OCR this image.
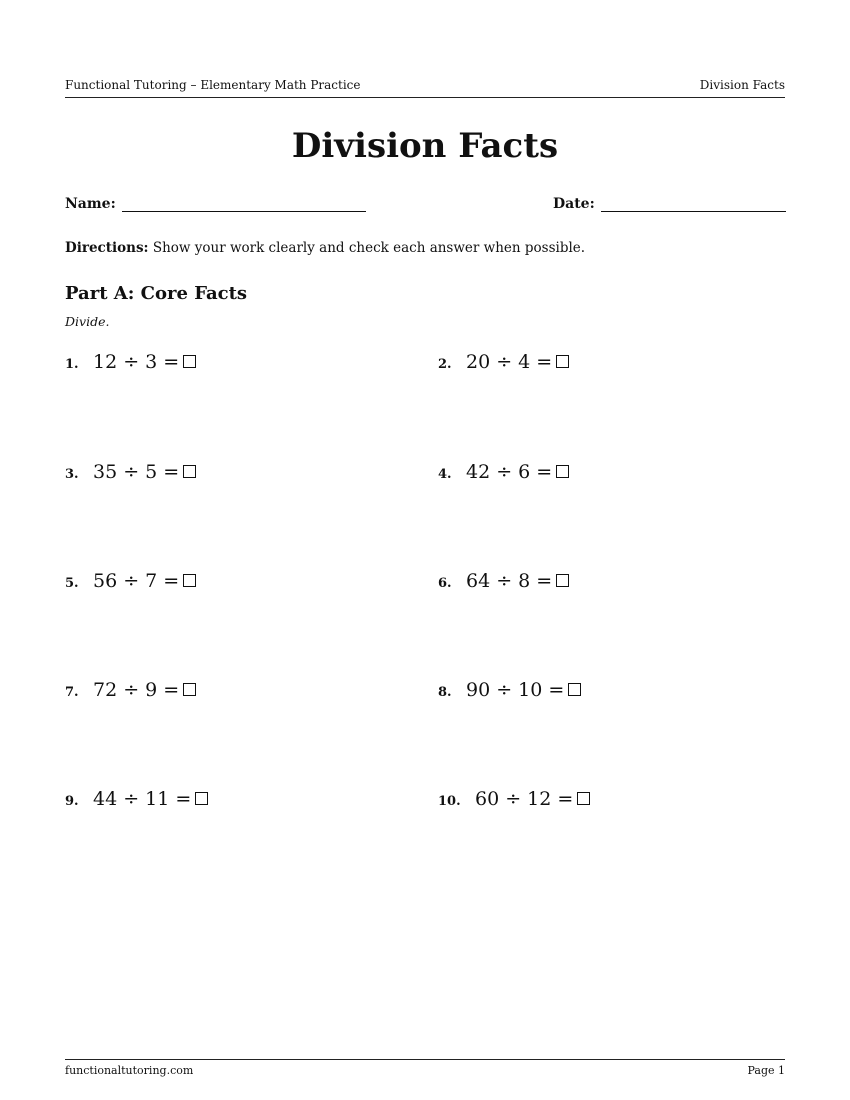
Functional Tutoring – Elementary Math Practice	Division Facts
Division Facts
Name:	Date:
Directions: Show your work clearly and check each answer when possible.
Part A: Core Facts
Divide.
1. 12 ÷ 3 =	2. 20 ÷ 4 =
3. 35 ÷ 5 =	4. 42 ÷ 6 =
5. 56 ÷ 7 =	6. 64 ÷ 8 =
7. 72 ÷ 9 =	8. 90 ÷ 10 =
9. 44 ÷ 11 =	10. 60 ÷ 12 =
functionaltutoring.com	Page 1
